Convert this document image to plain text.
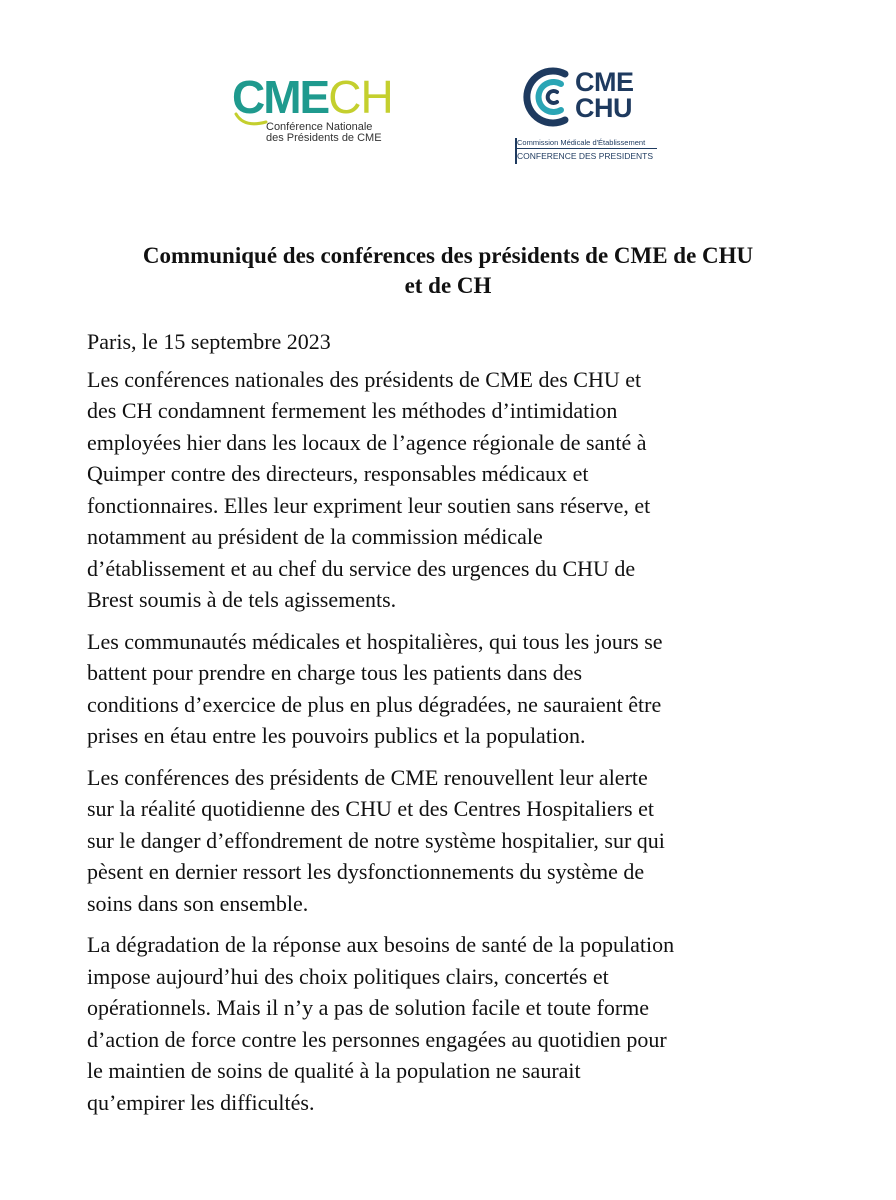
CMECH
Conférence Nationale
des Présidents de CME
CME
CHU
Commission Médicale d'Établissement
CONFERENCE DES PRESIDENTS
Communiqué des conférences des présidents de CME de CHU
et de CH

Paris, le 15 septembre 2023

Les conférences nationales des présidents de CME des CHU et
des CH condamnent fermement les méthodes d’intimidation
employées hier dans les locaux de l’agence régionale de santé à
Quimper contre des directeurs, responsables médicaux et
fonctionnaires. Elles leur expriment leur soutien sans réserve, et
notamment au président de la commission médicale
d’établissement et au chef du service des urgences du CHU de
Brest soumis à de tels agissements.

Les communautés médicales et hospitalières, qui tous les jours se
battent pour prendre en charge tous les patients dans des
conditions d’exercice de plus en plus dégradées, ne sauraient être
prises en étau entre les pouvoirs publics et la population.

Les conférences des présidents de CME renouvellent leur alerte
sur la réalité quotidienne des CHU et des Centres Hospitaliers et
sur le danger d’effondrement de notre système hospitalier, sur qui
pèsent en dernier ressort les dysfonctionnements du système de
soins dans son ensemble.

La dégradation de la réponse aux besoins de santé de la population
impose aujourd’hui des choix politiques clairs, concertés et
opérationnels. Mais il n’y a pas de solution facile et toute forme
d’action de force contre les personnes engagées au quotidien pour
le maintien de soins de qualité à la population ne saurait
qu’empirer les difficultés.
